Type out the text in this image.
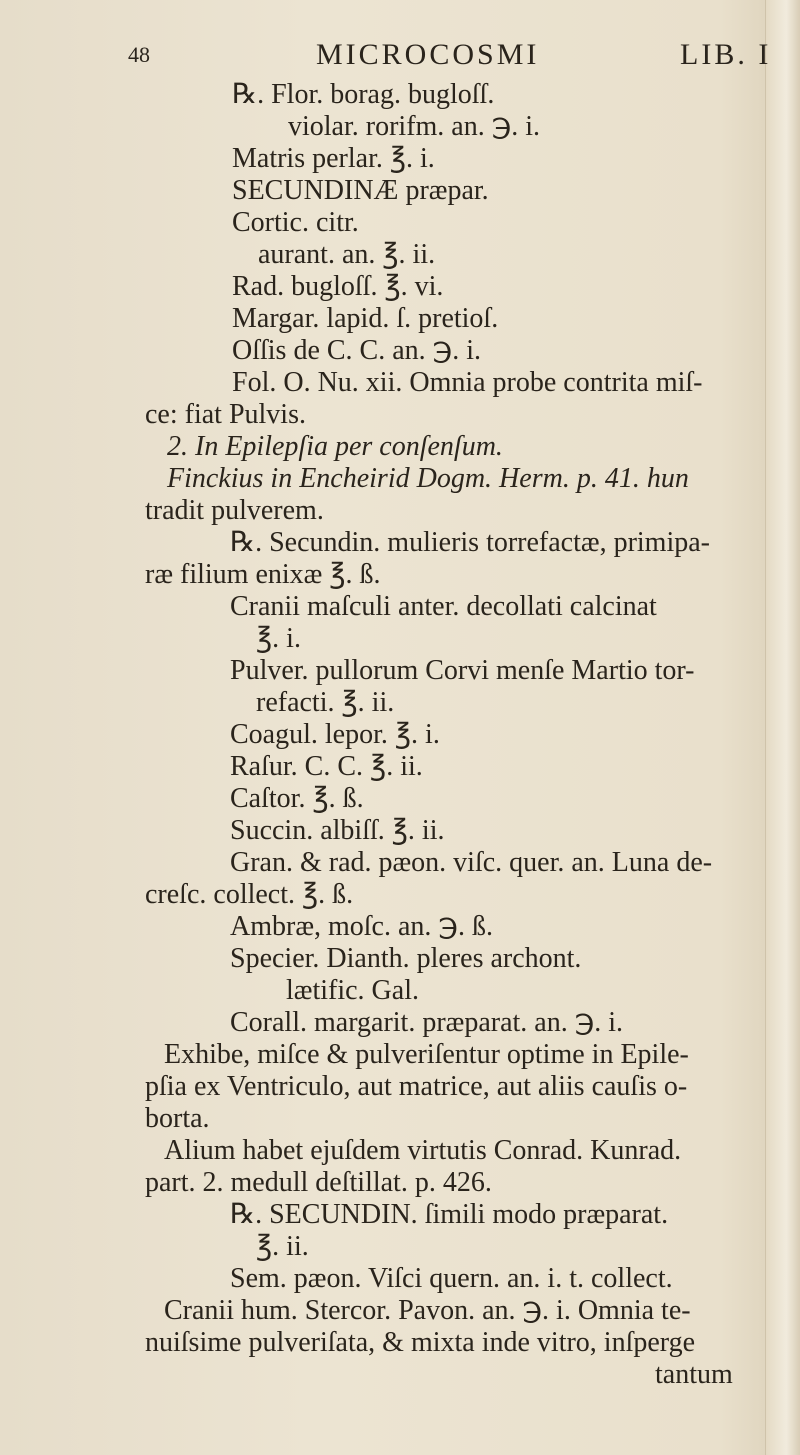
48	MICROCOSMI	LIB. I
℞. Flor. borag. bugloſſ.
violar. rorifm. an. ℈. i.
Matris perlar. ℥. i.
SECUNDINÆ præpar.
Cortic. citr.
aurant. an. ℥. ii.
Rad. bugloſſ. ℥. vi.
Margar. lapid. ſ. pretioſ.
Oſſis de C. C. an. ℈. i.
Fol. O. Nu. xii. Omnia probe contrita miſ-
ce: fiat Pulvis.
2. In Epilepſia per conſenſum.
Finckius in Encheirid Dogm. Herm. p. 41. hun
tradit pulverem.
℞. Secundin. mulieris torrefactæ, primipa-
ræ filium enixæ ℥. ß.
Cranii maſculi anter. decollati calcinat
℥. i.
Pulver. pullorum Corvi menſe Martio tor-
refacti. ℥. ii.
Coagul. lepor. ℥. i.
Raſur. C. C. ℥. ii.
Caſtor. ℥. ß.
Succin. albiſſ. ℥. ii.
Gran. & rad. pæon. viſc. quer. an. Luna de-
creſc. collect. ℥. ß.
Ambræ, moſc. an. ℈. ß.
Specier. Dianth. pleres archont.
lætific. Gal.
Corall. margarit. præparat. an. ℈. i.
Exhibe, miſce & pulveriſentur optime in Epile-
pſia ex Ventriculo, aut matrice, aut aliis cauſis o-
borta.
Alium habet ejuſdem virtutis Conrad. Kunrad.
part. 2. medull deſtillat. p. 426.
℞. SECUNDIN. ſimili modo præparat.
℥. ii.
Sem. pæon. Viſci quern. an. i. t. collect.
Cranii hum. Stercor. Pavon. an. ℈. i. Omnia te-
nuiſsime pulveriſata, & mixta inde vitro, inſperge
tantum
